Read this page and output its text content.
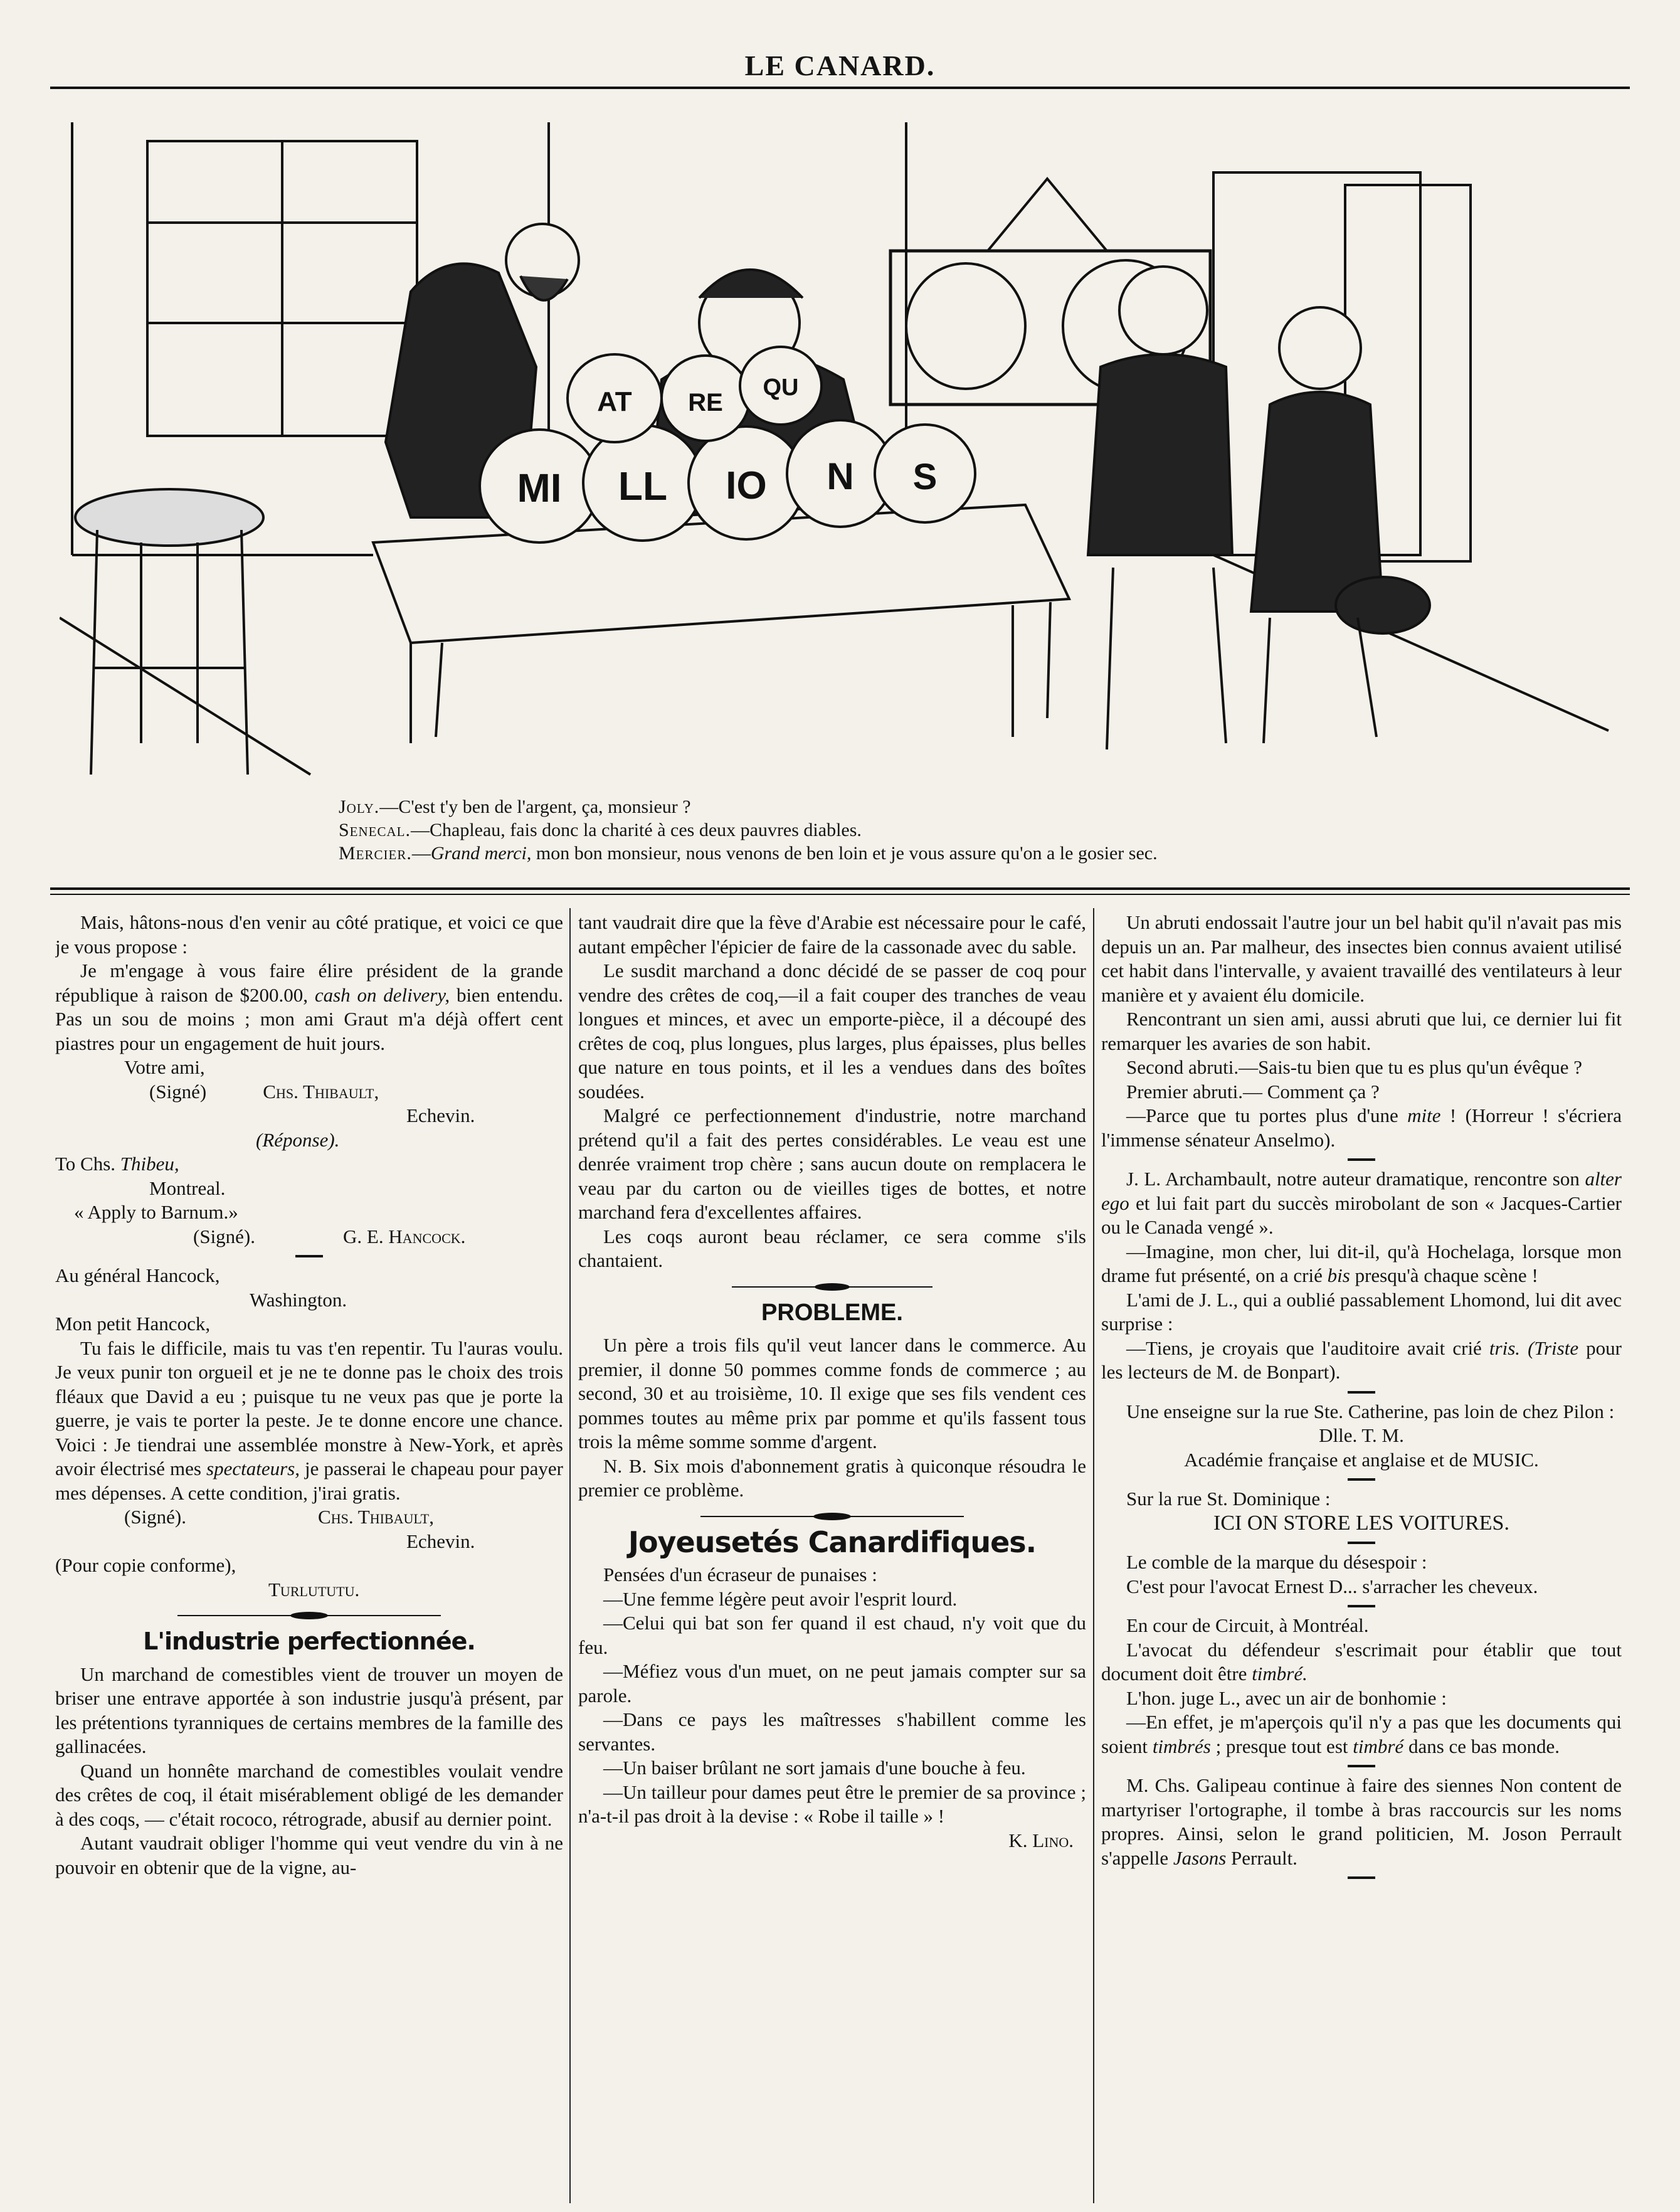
LE CANARD.
MI LL IO N S
AT RE
QU
Joly.—C'est t'y ben de l'argent, ça, monsieur ?
Senecal.—Chapleau, fais donc la charité à ces deux pauvres diables.
Mercier.—Grand merci, mon bon monsieur, nous venons de ben loin et je vous assure qu'on a le gosier sec.

Mais, hâtons-nous d'en venir au côté pratique, et voici ce que je vous propose :

Je m'engage à vous faire élire président de la grande république à raison de $200.00, cash on delivery, bien entendu. Pas un sou de moins ; mon ami Graut m'a déjà offert cent piastres pour un engagement de huit jours.

Votre ami,
(Signé)	Chs. Thibault,
Echevin.
(Réponse).
To Chs. Thibeu,
Montreal.
« Apply to Barnum.»
(Signé).	G. E. Hancock.
Au général Hancock,
Washington.
Mon petit Hancock,

Tu fais le difficile, mais tu vas t'en repentir. Tu l'auras voulu. Je veux punir ton orgueil et je ne te donne pas le choix des trois fléaux que David a eu ; puisque tu ne veux pas que je porte la guerre, je vais te porter la peste. Je te donne encore une chance. Voici : Je tiendrai une assemblée monstre à New-York, et après avoir électrisé mes spectateurs, je passerai le chapeau pour payer mes dépenses. A cette condition, j'irai gratis.

(Signé).	Chs. Thibault,
Echevin.
(Pour copie conforme),
Turlututu.
L'industrie perfectionnée.

Un marchand de comestibles vient de trouver un moyen de briser une entrave apportée à son industrie jusqu'à présent, par les prétentions tyranniques de certains membres de la famille des gallinacées.

Quand un honnête marchand de comestibles voulait vendre des crêtes de coq, il était misérablement obligé de les demander à des coqs, — c'était rococo, rétrograde, abusif au dernier point.

Autant vaudrait obliger l'homme qui veut vendre du vin à ne pouvoir en obtenir que de la vigne, au-

tant vaudrait dire que la fève d'Arabie est nécessaire pour le café, autant empêcher l'épicier de faire de la cassonade avec du sable.

Le susdit marchand a donc décidé de se passer de coq pour vendre des crêtes de coq,—il a fait couper des tranches de veau longues et minces, et avec un emporte-pièce, il a découpé des crêtes de coq, plus longues, plus larges, plus épaisses, plus belles que nature en tous points, et il les a vendues dans des boîtes soudées.

Malgré ce perfectionnement d'industrie, notre marchand prétend qu'il a fait des pertes considérables. Le veau est une denrée vraiment trop chère ; sans aucun doute on remplacera le veau par du carton ou de vieilles tiges de bottes, et notre marchand fera d'excellentes affaires.

Les coqs auront beau réclamer, ce sera comme s'ils chantaient.

PROBLEME.

Un père a trois fils qu'il veut lancer dans le commerce. Au premier, il donne 50 pommes comme fonds de commerce ; au second, 30 et au troisième, 10. Il exige que ses fils vendent ces pommes toutes au même prix par pomme et qu'ils fassent tous trois la même somme somme d'argent.

N. B. Six mois d'abonnement gratis à quiconque résoudra le premier ce problème.

Joyeusetés Canardifiques.

Pensées d'un écraseur de punaises :

—Une femme légère peut avoir l'esprit lourd.

—Celui qui bat son fer quand il est chaud, n'y voit que du feu.

—Méfiez vous d'un muet, on ne peut jamais compter sur sa parole.

—Dans ce pays les maîtresses s'habillent comme les servantes.

—Un baiser brûlant ne sort jamais d'une bouche à feu.

—Un tailleur pour dames peut être le premier de sa province ; n'a-t-il pas droit à la devise : « Robe il taille » !

K. Lino.

Un abruti endossait l'autre jour un bel habit qu'il n'avait pas mis depuis un an. Par malheur, des insectes bien connus avaient utilisé cet habit dans l'intervalle, y avaient travaillé des ventilateurs à leur manière et y avaient élu domicile.

Rencontrant un sien ami, aussi abruti que lui, ce dernier lui fit remarquer les avaries de son habit.

Second abruti.—Sais-tu bien que tu es plus qu'un évêque ?

Premier abruti.— Comment ça ?

—Parce que tu portes plus d'une mite ! (Horreur ! s'écriera l'immense sénateur Anselmo).

J. L. Archambault, notre auteur dramatique, rencontre son alter ego et lui fait part du succès mirobolant de son « Jacques-Cartier ou le Canada vengé ».

—Imagine, mon cher, lui dit-il, qu'à Hochelaga, lorsque mon drame fut présenté, on a crié bis presqu'à chaque scène !

L'ami de J. L., qui a oublié passablement Lhomond, lui dit avec surprise :

—Tiens, je croyais que l'auditoire avait crié tris. (Triste pour les lecteurs de M. de Bonpart).

Une enseigne sur la rue Ste. Catherine, pas loin de chez Pilon :

Dlle. T. M.
Académie française et anglaise et de MUSIC.

Sur la rue St. Dominique :

ICI ON STORE LES VOITURES.

Le comble de la marque du désespoir :

C'est pour l'avocat Ernest D... s'arracher les cheveux.

En cour de Circuit, à Montréal.

L'avocat du défendeur s'escrimait pour établir que tout document doit être timbré.

L'hon. juge L., avec un air de bonhomie :

—En effet, je m'aperçois qu'il n'y a pas que les documents qui soient timbrés ; presque tout est timbré dans ce bas monde.

M. Chs. Galipeau continue à faire des siennes Non content de martyriser l'ortographe, il tombe à bras raccourcis sur les noms propres. Ainsi, selon le grand politicien, M. Joson Perrault s'appelle Jasons Perrault.
